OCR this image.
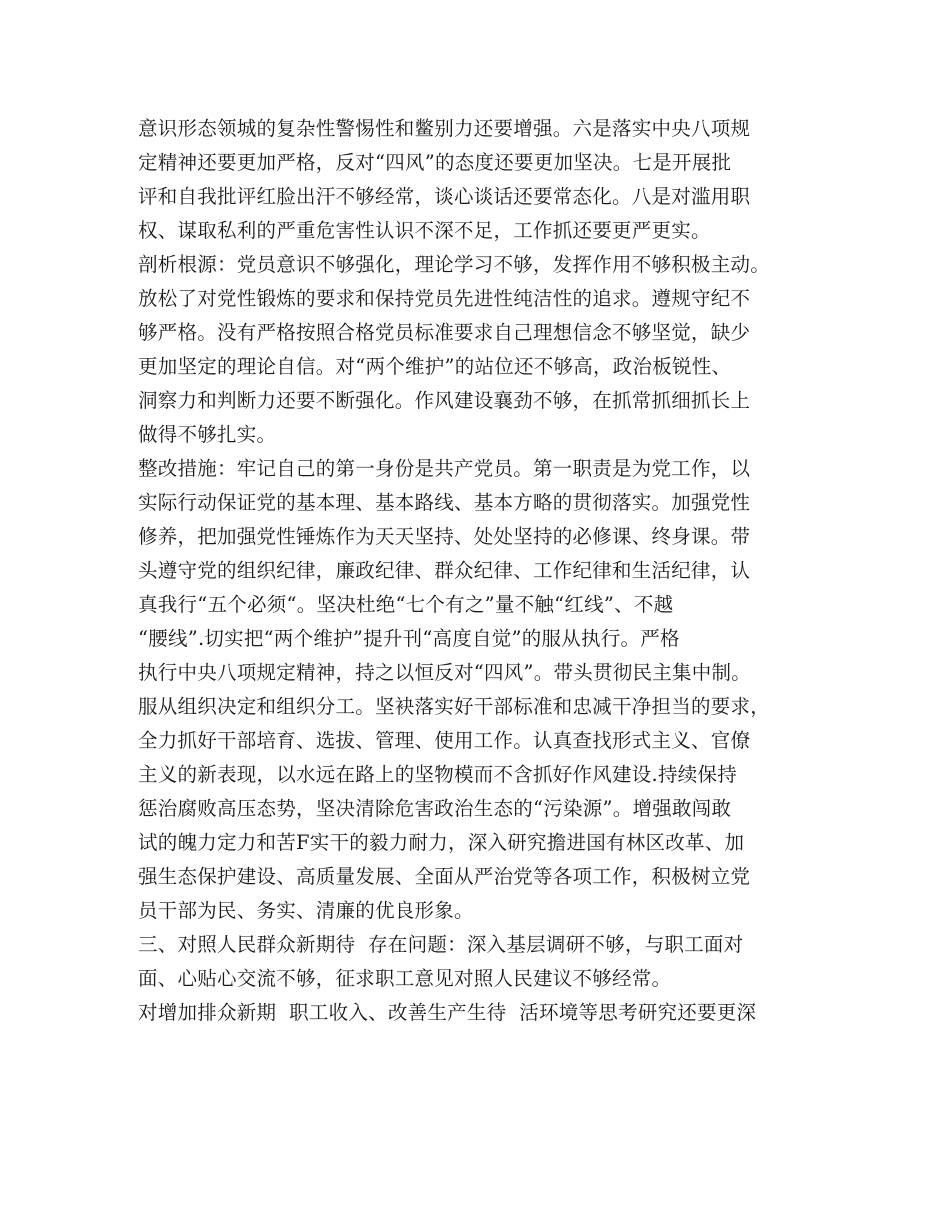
意识形态领城的复杂性警惕性和鳖别力还要增强。六是落实中央八项规
定精神还要更加严格，反对“四风”的态度还要更加坚决。七是开展批
评和自我批评红脸出汗不够经常，谈心谈话还要常态化。八是对滥用职
权、谋取私利的严重危害性认识不深不足，工作抓还要更严更实。
剖析根源：党员意识不够强化，理论学习不够，发挥作用不够积极主动。
放松了对党性锻炼的要求和保持党员先进性纯洁性的追求。遵规守纪不
够严格。没有严格按照合格党员标准要求自己理想信念不够坚觉，缺少
更加坚定的理论自信。对“两个维护”的站位还不够高，政治板锐性、
洞察力和判断力还要不断强化。作风建设襄劲不够，在抓常抓细抓长上
做得不够扎实。
整改措施：牢记自己的第一身份是共产党员。第一职责是为党工作，以
实际行动保证党的基本理、基本路线、基本方略的贯彻落实。加强党性
修养，把加强党性锤炼作为天天坚持、处处坚持的必修课、终身课。带
头遵守党的组织纪律，廉政纪律、群众纪律、工作纪律和生活纪律，认
真我行“五个必须“。坚决杜绝“七个有之”量不触“红线”、不越
“腰线”.切实把“两个维护”提升刊“高度自觉”的服从执行。严格
执行中央八项规定精神，持之以恒反对“四风”。带头贯彻民主集中制。
服从组织决定和组织分工。坚袂落实好干部标准和忠减干净担当的要求，
全力抓好干部培育、选拔、管理、使用工作。认真查找形式主义、官僚
主义的新表现，以水远在路上的坚物模而不含抓好作风建设.持续保持
惩治腐败高压态势，坚决清除危害政治生态的“污染源”。增强敢闯敢
试的魄力定力和苦F实干的毅力耐力，深入研究擔进国有林区改革、加
强生态保护建设、高质量发展、全面从严治党等各项工作，积极树立党
员干部为民、务实、清廉的优良形象。
三、对照人民群众新期待  存在问题：深入基层调研不够，与职工面对
面、心贴心交流不够，征求职工意见对照人民建议不够经常。
对增加排众新期  职工收入、改善生产生待  活环境等思考研究还要更深
